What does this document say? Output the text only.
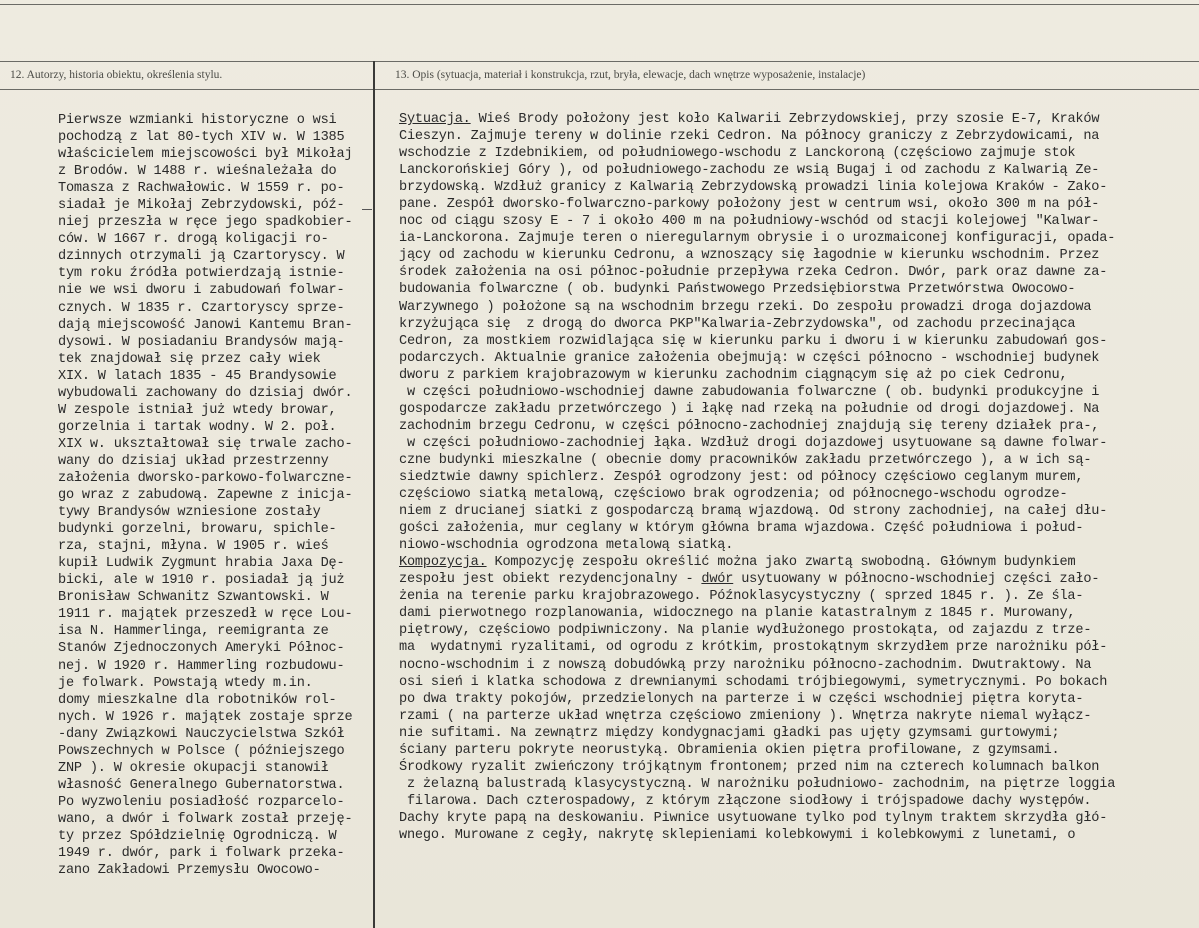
12. Autorzy, historia obiektu, określenia stylu.	13. Opis (sytuacja, materiał i konstrukcja, rzut, bryła, elewacje, dach wnętrze wyposażenie, instalacje)
Pierwsze wzmianki historyczne o wsi
pochodzą z lat 80-tych XIV w. W 1385
właścicielem miejscowości był Mikołaj
z Brodów. W 1488 r. wieśnależała do
Tomasza z Rachwałowic. W 1559 r. po-
siadał je Mikołaj Zebrzydowski, póź-
niej przeszła w ręce jego spadkobier-
ców. W 1667 r. drogą koligacji ro-
dzinnych otrzymali ją Czartoryscy. W
tym roku źródła potwierdzają istnie-
nie we wsi dworu i zabudowań folwar-
cznych. W 1835 r. Czartoryscy sprze-
dają miejscowość Janowi Kantemu Bran-
dysowi. W posiadaniu Brandysów mają-
tek znajdował się przez cały wiek
XIX. W latach 1835 - 45 Brandysowie
wybudowali zachowany do dzisiaj dwór.
W zespole istniał już wtedy browar,
gorzelnia i tartak wodny. W 2. poł.
XIX w. ukształtował się trwale zacho-
wany do dzisiaj układ przestrzenny
założenia dworsko-parkowo-folwarczne-
go wraz z zabudową. Zapewne z inicja-
tywy Brandysów wzniesione zostały
budynki gorzelni, browaru, spichle-
rza, stajni, młyna. W 1905 r. wieś
kupił Ludwik Zygmunt hrabia Jaxa Dę-
bicki, ale w 1910 r. posiadał ją już
Bronisław Schwanitz Szwantowski. W
1911 r. majątek przeszedł w ręce Lou-
isa N. Hammerlinga, reemigranta ze
Stanów Zjednoczonych Ameryki Północ-
nej. W 1920 r. Hammerling rozbudowu-
je folwark. Powstają wtedy m.in.
domy mieszkalne dla robotników rol-
nych. W 1926 r. majątek zostaje sprze
-dany Związkowi Nauczycielstwa Szkół
Powszechnych w Polsce ( późniejszego
ZNP ). W okresie okupacji stanowił
własność Generalnego Gubernatorstwa.
Po wyzwoleniu posiadłość rozparcelo-
wano, a dwór i folwark został przeję-
ty przez Spółdzielnię Ogrodniczą. W
1949 r. dwór, park i folwark przeka-
zano Zakładowi Przemysłu Owocowo-
Sytuacja. Wieś Brody położony jest koło Kalwarii Zebrzydowskiej, przy szosie E-7, Kraków
Cieszyn. Zajmuje tereny w dolinie rzeki Cedron. Na północy graniczy z Zebrzydowicami, na
wschodzie z Izdebnikiem, od południowego-wschodu z Lanckoroną (częściowo zajmuje stok
Lanckorońskiej Góry ), od południowego-zachodu ze wsią Bugaj i od zachodu z Kalwarią Ze-
brzydowską. Wzdłuż granicy z Kalwarią Zebrzydowską prowadzi linia kolejowa Kraków - Zako-
pane. Zespół dworsko-folwarczno-parkowy położony jest w centrum wsi, około 300 m na pół-
noc od ciągu szosy E - 7 i około 400 m na południowy-wschód od stacji kolejowej "Kalwar-
ia-Lanckorona. Zajmuje teren o nieregularnym obrysie i o urozmaiconej konfiguracji, opada-
jący od zachodu w kierunku Cedronu, a wznoszący się łagodnie w kierunku wschodnim. Przez
środek założenia na osi północ-południe przepływa rzeka Cedron. Dwór, park oraz dawne za-
budowania folwarczne ( ob. budynki Państwowego Przedsiębiorstwa Przetwórstwa Owocowo-
Warzywnego ) położone są na wschodnim brzegu rzeki. Do zespołu prowadzi droga dojazdowa
krzyżująca się  z drogą do dworca PKP"Kalwaria-Zebrzydowska", od zachodu przecinająca
Cedron, za mostkiem rozwidlająca się w kierunku parku i dworu i w kierunku zabudowań gos-
podarczych. Aktualnie granice założenia obejmują: w części północno - wschodniej budynek
dworu z parkiem krajobrazowym w kierunku zachodnim ciągnącym się aż po ciek Cedronu,
w części południowo-wschodniej dawne zabudowania folwarczne ( ob. budynki produkcyjne i
gospodarcze zakładu przetwórczego ) i łąkę nad rzeką na południe od drogi dojazdowej. Na
zachodnim brzegu Cedronu, w części północno-zachodniej znajdują się tereny działek pra-,
w części południowo-zachodniej łąka. Wzdłuż drogi dojazdowej usytuowane są dawne folwar-
czne budynki mieszkalne ( obecnie domy pracowników zakładu przetwórczego ), a w ich są-
siedztwie dawny spichlerz. Zespół ogrodzony jest: od północy częściowo ceglanym murem,
częściowo siatką metalową, częściowo brak ogrodzenia; od północnego-wschodu ogrodze-
niem z drucianej siatki z gospodarczą bramą wjazdową. Od strony zachodniej, na całej dłu-
gości założenia, mur ceglany w którym główna brama wjazdowa. Część południowa i połud-
niowo-wschodnia ogrodzona metalową siatką.
Kompozycja. Kompozycję zespołu określić można jako zwartą swobodną. Głównym budynkiem
zespołu jest obiekt rezydencjonalny - dwór usytuowany w północno-wschodniej części zało-
żenia na terenie parku krajobrazowego. Późnoklasycystyczny ( sprzed 1845 r. ). Ze śla-
dami pierwotnego rozplanowania, widocznego na planie katastralnym z 1845 r. Murowany,
piętrowy, częściowo podpiwniczony. Na planie wydłużonego prostokąta, od zajazdu z trze-
ma  wydatnymi ryzalitami, od ogrodu z krótkim, prostokątnym skrzydłem prze narożniku pół-
nocno-wschodnim i z nowszą dobudówką przy narożniku północno-zachodnim. Dwutraktowy. Na
osi sień i klatka schodowa z drewnianymi schodami trójbiegowymi, symetrycznymi. Po bokach
po dwa trakty pokojów, przedzielonych na parterze i w części wschodniej piętra koryta-
rzami ( na parterze układ wnętrza częściowo zmieniony ). Wnętrza nakryte niemal wyłącz-
nie sufitami. Na zewnątrz między kondygnacjami gładki pas ujęty gzymsami gurtowymi;
ściany parteru pokryte neorustyką. Obramienia okien piętra profilowane, z gzymsami.
Środkowy ryzalit zwieńczony trójkątnym frontonem; przed nim na czterech kolumnach balkon
z żelazną balustradą klasycystyczną. W narożniku południowo- zachodnim, na piętrze loggia
filarowa. Dach czterospadowy, z którym złączone siodłowy i trójspadowe dachy występów.
Dachy kryte papą na deskowaniu. Piwnice usytuowane tylko pod tylnym traktem skrzydła głó-
wnego. Murowane z cegły, nakrytę sklepieniami kolebkowymi i kolebkowymi z lunetami, o
